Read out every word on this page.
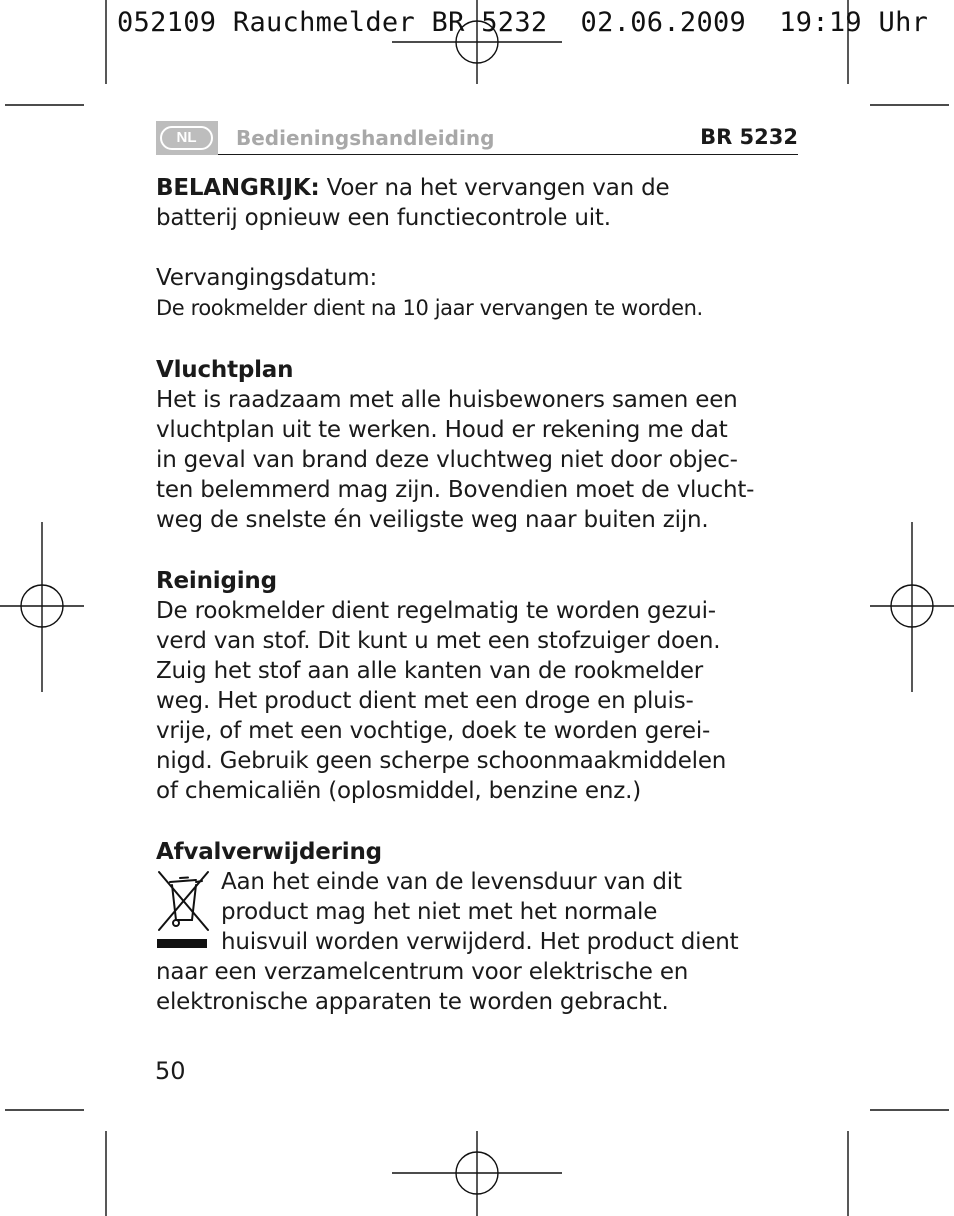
052109 Rauchmelder BR 5232  02.06.2009  19:19 Uhr

NL	Bedieningshandleiding	BR 5232
BELANGRIJK: Voer na het vervangen van de
batterij opnieuw een functiecontrole uit.
Vervangingsdatum:
De rookmelder dient na 10 jaar vervangen te worden.
Vluchtplan
Het is raadzaam met alle huisbewoners samen een
vluchtplan uit te werken. Houd er rekening me dat
in geval van brand deze vluchtweg niet door objec-
ten belemmerd mag zijn. Bovendien moet de vlucht-
weg de snelste én veiligste weg naar buiten zijn.
Reiniging
De rookmelder dient regelmatig te worden gezui-
verd van stof. Dit kunt u met een stofzuiger doen.
Zuig het stof aan alle kanten van de rookmelder
weg. Het product dient met een droge en pluis-
vrije, of met een vochtige, doek te worden gerei-
nigd. Gebruik geen scherpe schoonmaakmiddelen
of chemicaliën (oplosmiddel, benzine enz.)
Afvalverwijdering
Aan het einde van de levensduur van dit
product mag het niet met het normale
huisvuil worden verwijderd. Het product dient
naar een verzamelcentrum voor elektrische en
elektronische apparaten te worden gebracht.
50
